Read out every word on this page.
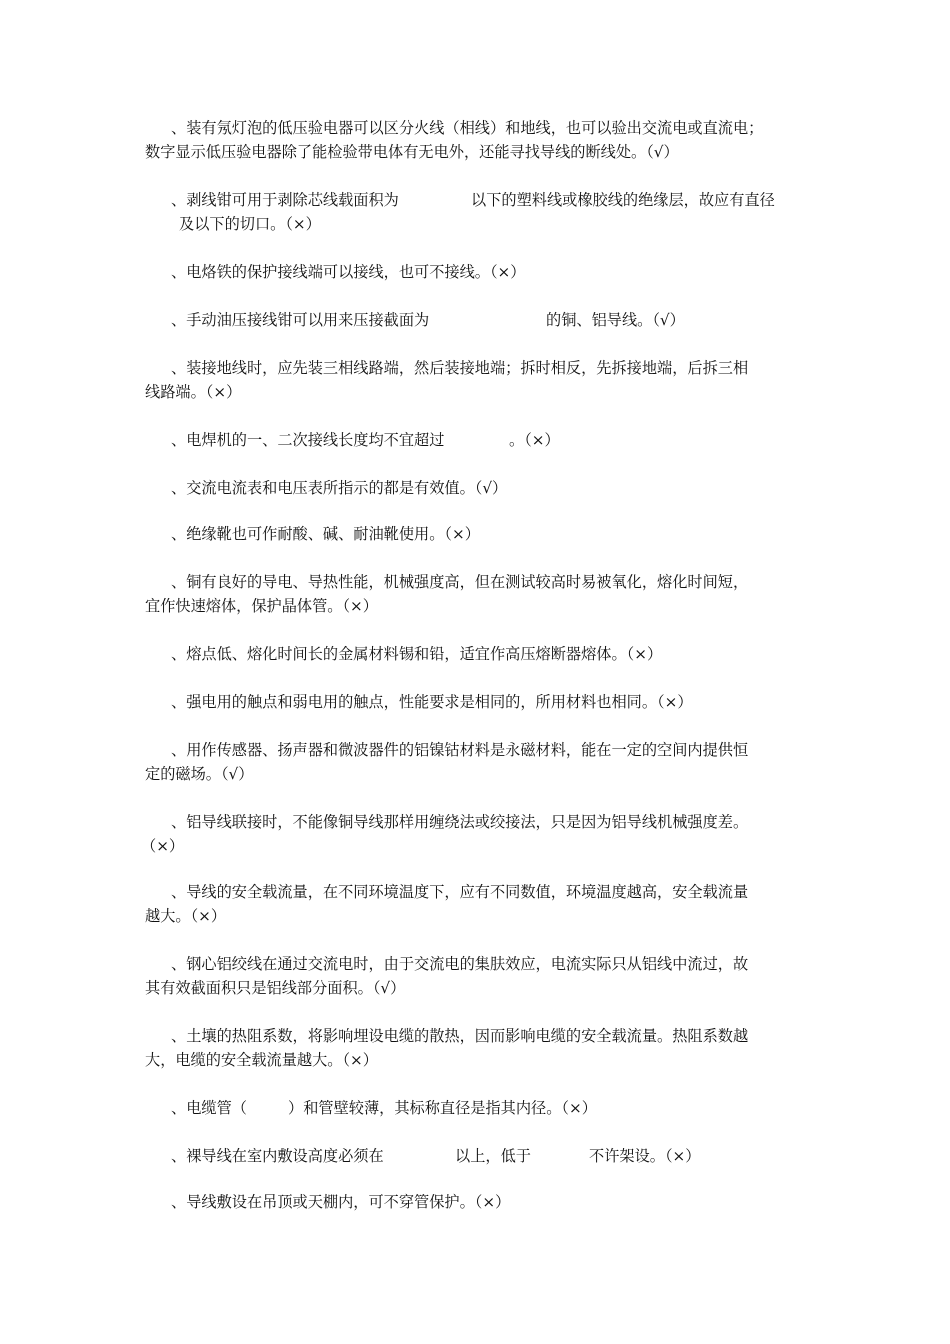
、装有氖灯泡的低压验电器可以区分火线（相线）和地线，也可以验出交流电或直流电；
数字显示低压验电器除了能检验带电体有无电外，还能寻找导线的断线处。（√）
、剥线钳可用于剥除芯线载面积为	以下的塑料线或橡胶线的绝缘层，故应有直径
及以下的切口。（×）
、电烙铁的保护接线端可以接线，也可不接线。（×）
、手动油压接线钳可以用来压接截面为	的铜、铝导线。（√）
、装接地线时，应先装三相线路端，然后装接地端；拆时相反，先拆接地端，后拆三相
线路端。（×）
、电焊机的一、二次接线长度均不宜超过	。（×）
、交流电流表和电压表所指示的都是有效值。（√）
、绝缘靴也可作耐酸、碱、耐油靴使用。（×）
、铜有良好的导电、导热性能，机械强度高，但在测试较高时易被氧化，熔化时间短，
宜作快速熔体，保护晶体管。（×）
、熔点低、熔化时间长的金属材料锡和铅，适宜作高压熔断器熔体。（×）
、强电用的触点和弱电用的触点，性能要求是相同的，所用材料也相同。（×）
、用作传感器、扬声器和微波器件的铝镍钴材料是永磁材料，能在一定的空间内提供恒
定的磁场。（√）
、铝导线联接时，不能像铜导线那样用缠绕法或绞接法，只是因为铝导线机械强度差。
（×）
、导线的安全载流量，在不同环境温度下，应有不同数值，环境温度越高，安全载流量
越大。（×）
、钢心铝绞线在通过交流电时，由于交流电的集肤效应，电流实际只从铝线中流过，故
其有效截面积只是铝线部分面积。（√）
、土壤的热阻系数，将影响埋设电缆的散热，因而影响电缆的安全载流量。热阻系数越
大，电缆的安全载流量越大。（×）
、电缆管（	）和管壁较薄，其标称直径是指其内径。（×）
、裸导线在室内敷设高度必须在	以上，低于	不许架设。（×）
、导线敷设在吊顶或天棚内，可不穿管保护。（×）
